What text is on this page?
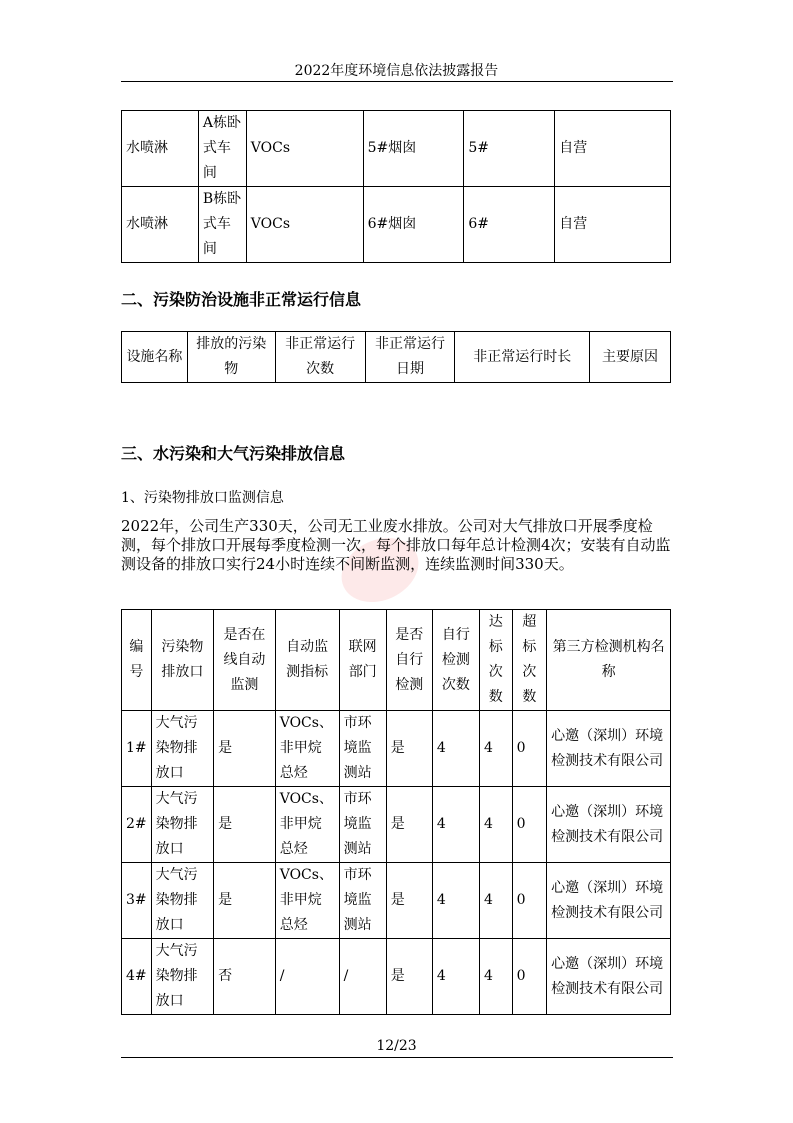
2022年度环境信息依法披露报告
水喷淋	A栋卧式车间	VOCs	5#烟囱	5#	自营
水喷淋	B栋卧式车间	VOCs	6#烟囱	6#	自营
二、污染防治设施非正常运行信息
设施名称	排放的污染物	非正常运行次数	非正常运行日期	非正常运行时长	主要原因
三、水污染和大气污染排放信息
1、污染物排放口监测信息
2022年，公司生产330天，公司无工业废水排放。公司对大气排放口开展季度检测，每个排放口开展每季度检测一次，每个排放口每年总计检测4次；安装有自动监测设备的排放口实行24小时连续不间断监测，连续监测时间330天。
编号	污染物排放口	是否在线自动监测	自动监测指标	联网部门	是否自行检测	自行检测次数	达标次数	超标次数	第三方检测机构名称
1#	大气污染物排放口	是	VOCs、非甲烷总烃	市环境监测站	是	4	4	0	心邀（深圳）环境检测技术有限公司
2#	大气污染物排放口	是	VOCs、非甲烷总烃	市环境监测站	是	4	4	0	心邀（深圳）环境检测技术有限公司
3#	大气污染物排放口	是	VOCs、非甲烷总烃	市环境监测站	是	4	4	0	心邀（深圳）环境检测技术有限公司
4#	大气污染物排放口	否	/	/	是	4	4	0	心邀（深圳）环境检测技术有限公司
12/23
